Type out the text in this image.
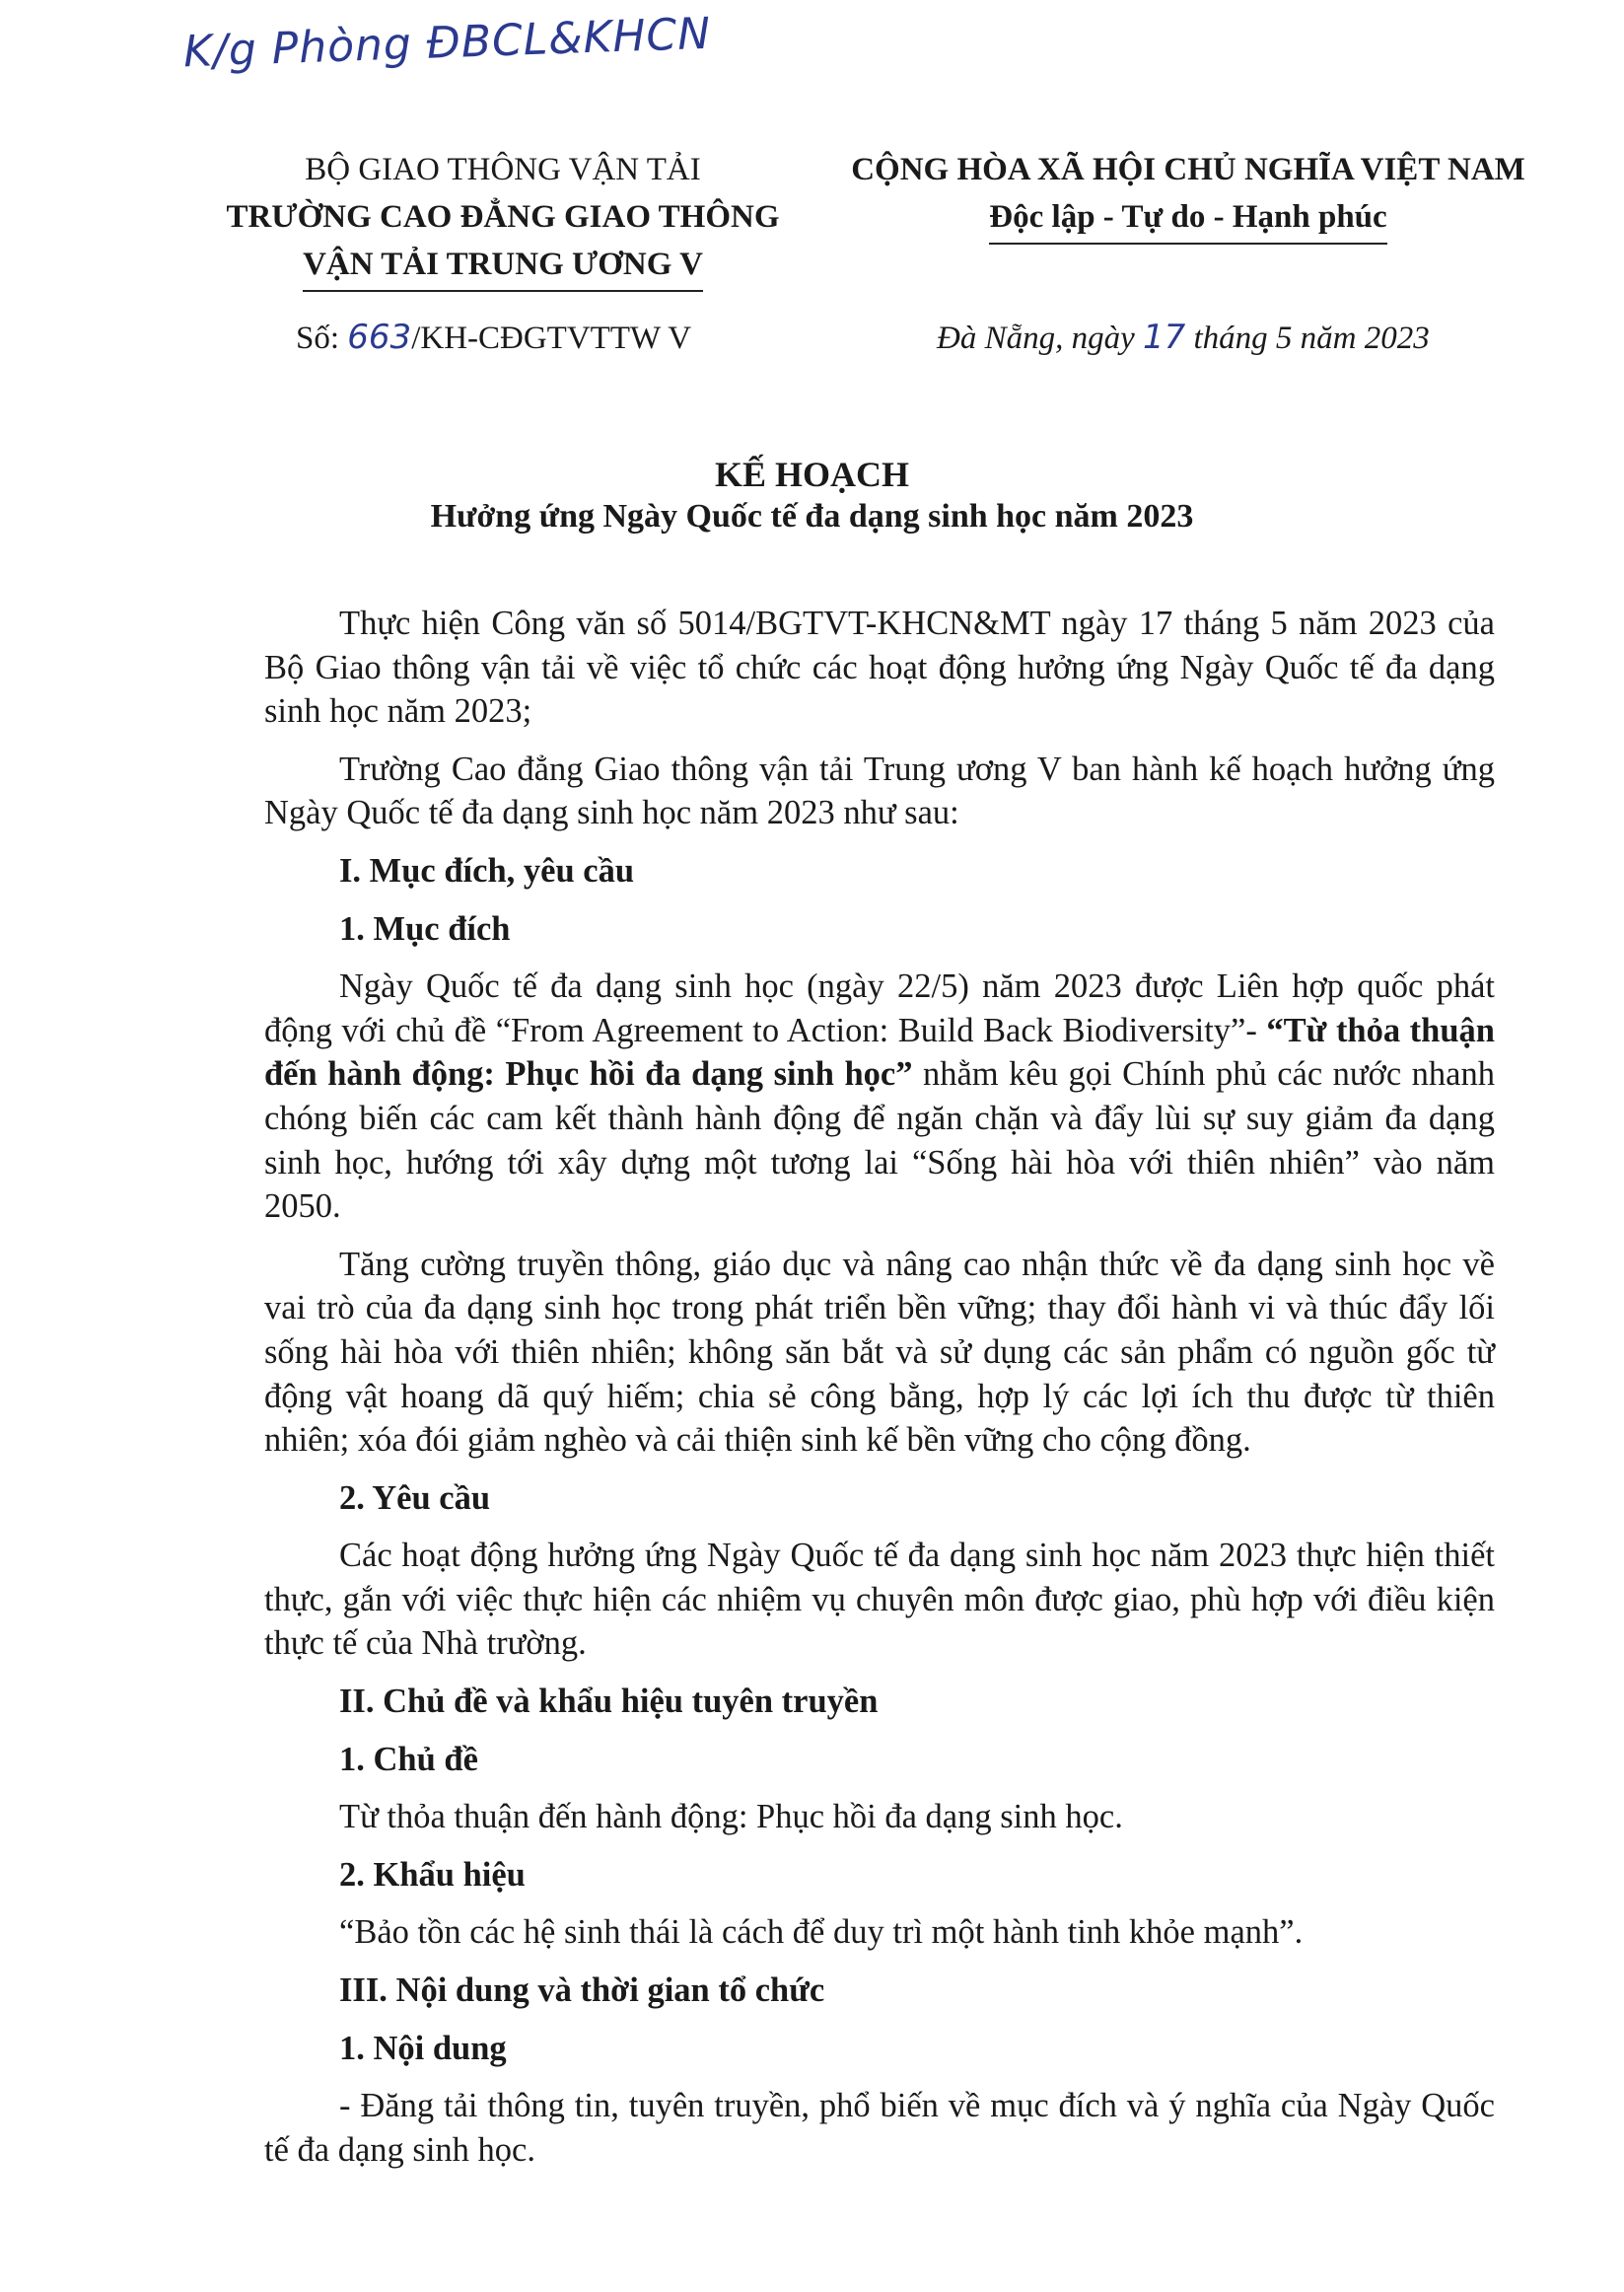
K/g Phòng ĐBCL&KHCN
BỘ GIAO THÔNG VẬN TẢI
TRƯỜNG CAO ĐẲNG GIAO THÔNG
VẬN TẢI TRUNG ƯƠNG V
CỘNG HÒA XÃ HỘI CHỦ NGHĨA VIỆT NAM
Độc lập - Tự do - Hạnh phúc
Số: 663/KH-CĐGTVTTW V	Đà Nẵng, ngày 17 tháng 5 năm 2023
KẾ HOẠCH
Hưởng ứng Ngày Quốc tế đa dạng sinh học năm 2023

Thực hiện Công văn số 5014/BGTVT-KHCN&MT ngày 17 tháng 5 năm 2023 của Bộ Giao thông vận tải về việc tổ chức các hoạt động hưởng ứng Ngày Quốc tế đa dạng sinh học năm 2023;

Trường Cao đẳng Giao thông vận tải Trung ương V ban hành kế hoạch hưởng ứng Ngày Quốc tế đa dạng sinh học năm 2023 như sau:

I. Mục đích, yêu cầu

1. Mục đích

Ngày Quốc tế đa dạng sinh học (ngày 22/5) năm 2023 được Liên hợp quốc phát động với chủ đề “From Agreement to Action: Build Back Biodiversity”- “Từ thỏa thuận đến hành động: Phục hồi đa dạng sinh học” nhằm kêu gọi Chính phủ các nước nhanh chóng biến các cam kết thành hành động để ngăn chặn và đẩy lùi sự suy giảm đa dạng sinh học, hướng tới xây dựng một tương lai “Sống hài hòa với thiên nhiên” vào năm 2050.

Tăng cường truyền thông, giáo dục và nâng cao nhận thức về đa dạng sinh học về vai trò của đa dạng sinh học trong phát triển bền vững; thay đổi hành vi và thúc đẩy lối sống hài hòa với thiên nhiên; không săn bắt và sử dụng các sản phẩm có nguồn gốc từ động vật hoang dã quý hiếm; chia sẻ công bằng, hợp lý các lợi ích thu được từ thiên nhiên; xóa đói giảm nghèo và cải thiện sinh kế bền vững cho cộng đồng.

2. Yêu cầu

Các hoạt động hưởng ứng Ngày Quốc tế đa dạng sinh học năm 2023 thực hiện thiết thực, gắn với việc thực hiện các nhiệm vụ chuyên môn được giao, phù hợp với điều kiện thực tế của Nhà trường.

II. Chủ đề và khẩu hiệu tuyên truyền

1. Chủ đề

Từ thỏa thuận đến hành động: Phục hồi đa dạng sinh học.

2. Khẩu hiệu

“Bảo tồn các hệ sinh thái là cách để duy trì một hành tinh khỏe mạnh”.

III. Nội dung và thời gian tổ chức

1. Nội dung

- Đăng tải thông tin, tuyên truyền, phổ biến về mục đích và ý nghĩa của Ngày Quốc tế đa dạng sinh học.
